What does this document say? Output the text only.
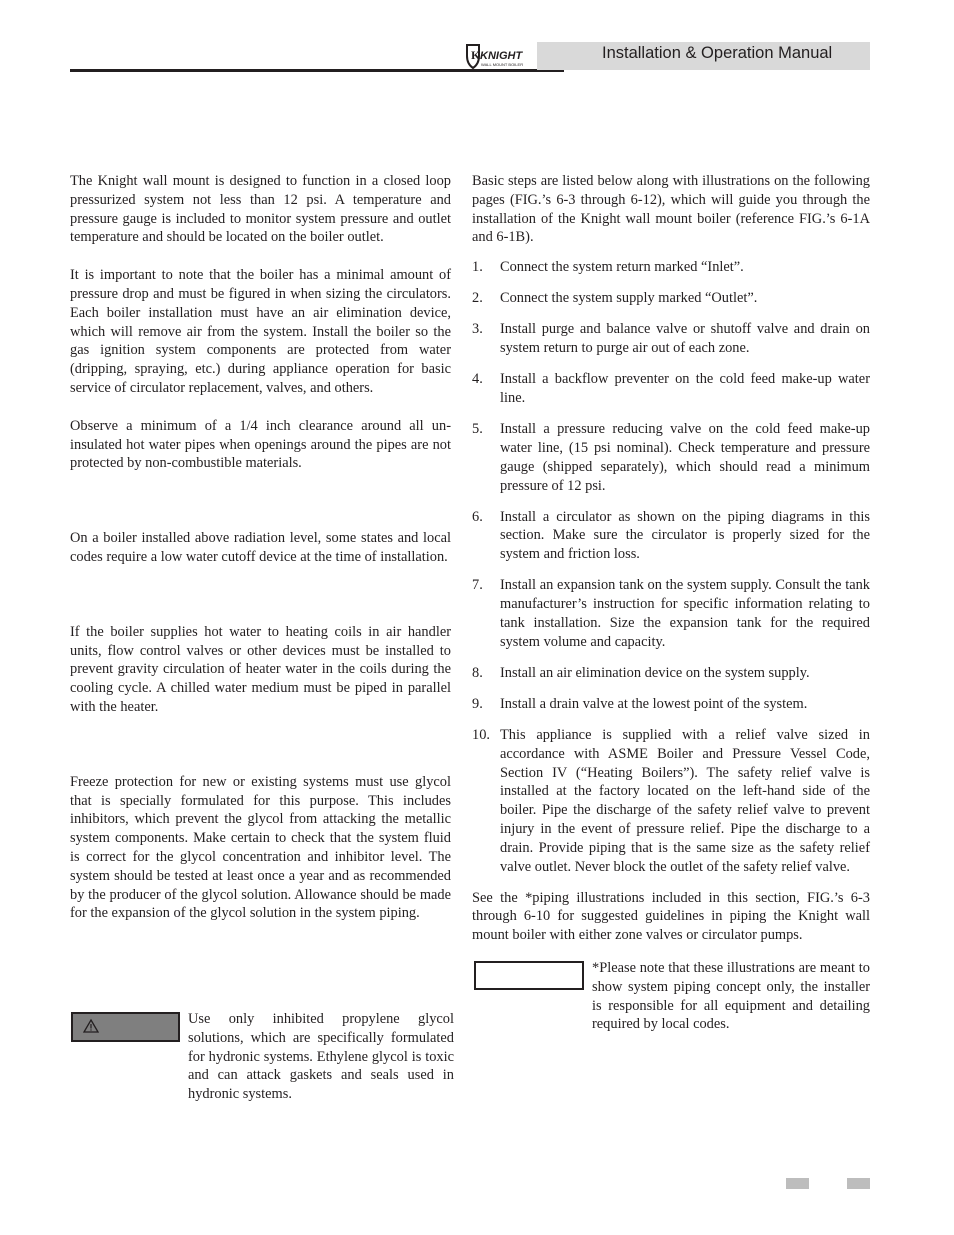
K KNIGHT
WALL MOUNT BOILER
Installation & Operation Manual

The Knight wall mount is designed to function in a closed loop pressurized system not less than 12 psi. A temperature and pressure gauge is included to monitor system pressure and outlet temperature and should be located on the boiler outlet.

It is important to note that the boiler has a minimal amount of pressure drop and must be figured in when sizing the circulators. Each boiler installation must have an air elimination device, which will remove air from the system. Install the boiler so the gas ignition system components are protected from water (dripping, spraying, etc.) during appliance operation for basic service of circulator replacement, valves, and others.

Observe a minimum of a 1/4 inch clearance around all un-insulated hot water pipes when openings around the pipes are not protected by non-combustible materials.

On a boiler installed above radiation level, some states and local codes require a low water cutoff device at the time of installation.

If the boiler supplies hot water to heating coils in air handler units, flow control valves or other devices must be installed to prevent gravity circulation of heater water in the coils during the cooling cycle. A chilled water medium must be piped in parallel with the heater.

Freeze protection for new or existing systems must use glycol that is specially formulated for this purpose. This includes inhibitors, which prevent the glycol from attacking the metallic system components. Make certain to check that the system fluid is correct for the glycol concentration and inhibitor level. The system should be tested at least once a year and as recommended by the producer of the glycol solution. Allowance should be made for the expansion of the glycol solution in the system piping.

Use only inhibited propylene glycol solutions, which are specifically formulated for hydronic systems. Ethylene glycol is toxic and can attack gaskets and seals used in hydronic systems.

Basic steps are listed below along with illustrations on the following pages (FIG.’s 6-3 through 6-12), which will guide you through the installation of the Knight wall mount boiler (reference FIG.’s 6-1A and 6-1B).

1. Connect the system return marked “Inlet”.
2. Connect the system supply marked “Outlet”.
3. Install purge and balance valve or shutoff valve and drain on system return to purge air out of each zone.
4. Install a backflow preventer on the cold feed make-up water line.
5. Install a pressure reducing valve on the cold feed make-up water line, (15 psi nominal). Check temperature and pressure gauge (shipped separately), which should read a minimum pressure of 12 psi.
6. Install a circulator as shown on the piping diagrams in this section. Make sure the circulator is properly sized for the system and friction loss.
7. Install an expansion tank on the system supply. Consult the tank manufacturer’s instruction for specific information relating to tank installation. Size the expansion tank for the required system volume and capacity.
8. Install an air elimination device on the system supply.
9. Install a drain valve at the lowest point of the system.
10. This appliance is supplied with a relief valve sized in accordance with ASME Boiler and Pressure Vessel Code, Section IV (“Heating Boilers”). The safety relief valve is installed at the factory located on the left-hand side of the boiler. Pipe the discharge of the safety relief valve to prevent injury in the event of pressure relief. Pipe the discharge to a drain. Provide piping that is the same size as the safety relief valve outlet. Never block the outlet of the safety relief valve.

See the *piping illustrations included in this section, FIG.’s 6-3 through 6-10 for suggested guidelines in piping the Knight wall mount boiler with either zone valves or circulator pumps.

*Please note that these illustrations are meant to show system piping concept only, the installer is responsible for all equipment and detailing required by local codes.
